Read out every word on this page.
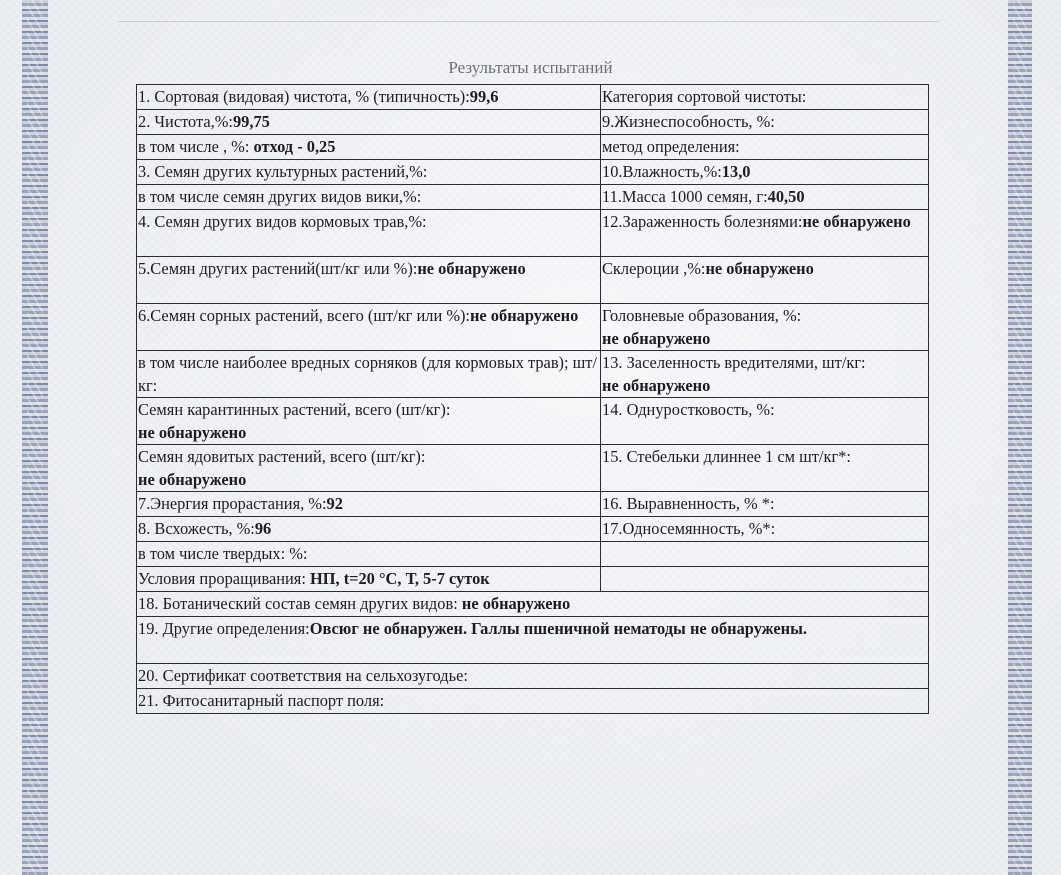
Результаты испытаний
1. Сортовая (видовая) чистота, % (типичность):99,6	Категория сортовой чистоты:
2. Чистота,%:99,75	9.Жизнеспособность, %:
в том числе , %: отход - 0,25	метод определения:
3. Семян других культурных растений,%:	10.Влажность,%:13,0
в том числе семян других видов вики,%:	11.Масса 1000 семян, г:40,50
4. Семян других видов кормовых трав,%:	12.Зараженность болезнями:не обнаружено
5.Семян других растений(шт/кг или %):не обнаружено	Склероции ,%:не обнаружено
6.Семян сорных растений, всего (шт/кг или %):не обнаружено	Головневые образования, %:
не обнаружено
в том числе наиболее вредных сорняков (для кормовых трав); шт/кг:	13. Заселенность вредителями, шт/кг:
не обнаружено
Семян карантинных растений, всего (шт/кг):
не обнаружено	14. Однуростковость, %:
Семян ядовитых растений, всего (шт/кг):
не обнаружено	15. Стебельки длиннее 1 см шт/кг*:
7.Энергия прорастания, %:92	16. Выравненность, % *:
8. Всхожесть, %:96	17.Односемянность, %*:
в том числе твердых: %:	
Условия проращивания: НП, t=20 °C, Т, 5-7 суток	
18. Ботанический состав семян других видов: не обнаружено	
19. Другие определения:Овсюг не обнаружен. Галлы пшеничной нематоды не обнаружены.	
20. Сертификат соответствия на сельхозугодье:	
21. Фитосанитарный паспорт поля:	
